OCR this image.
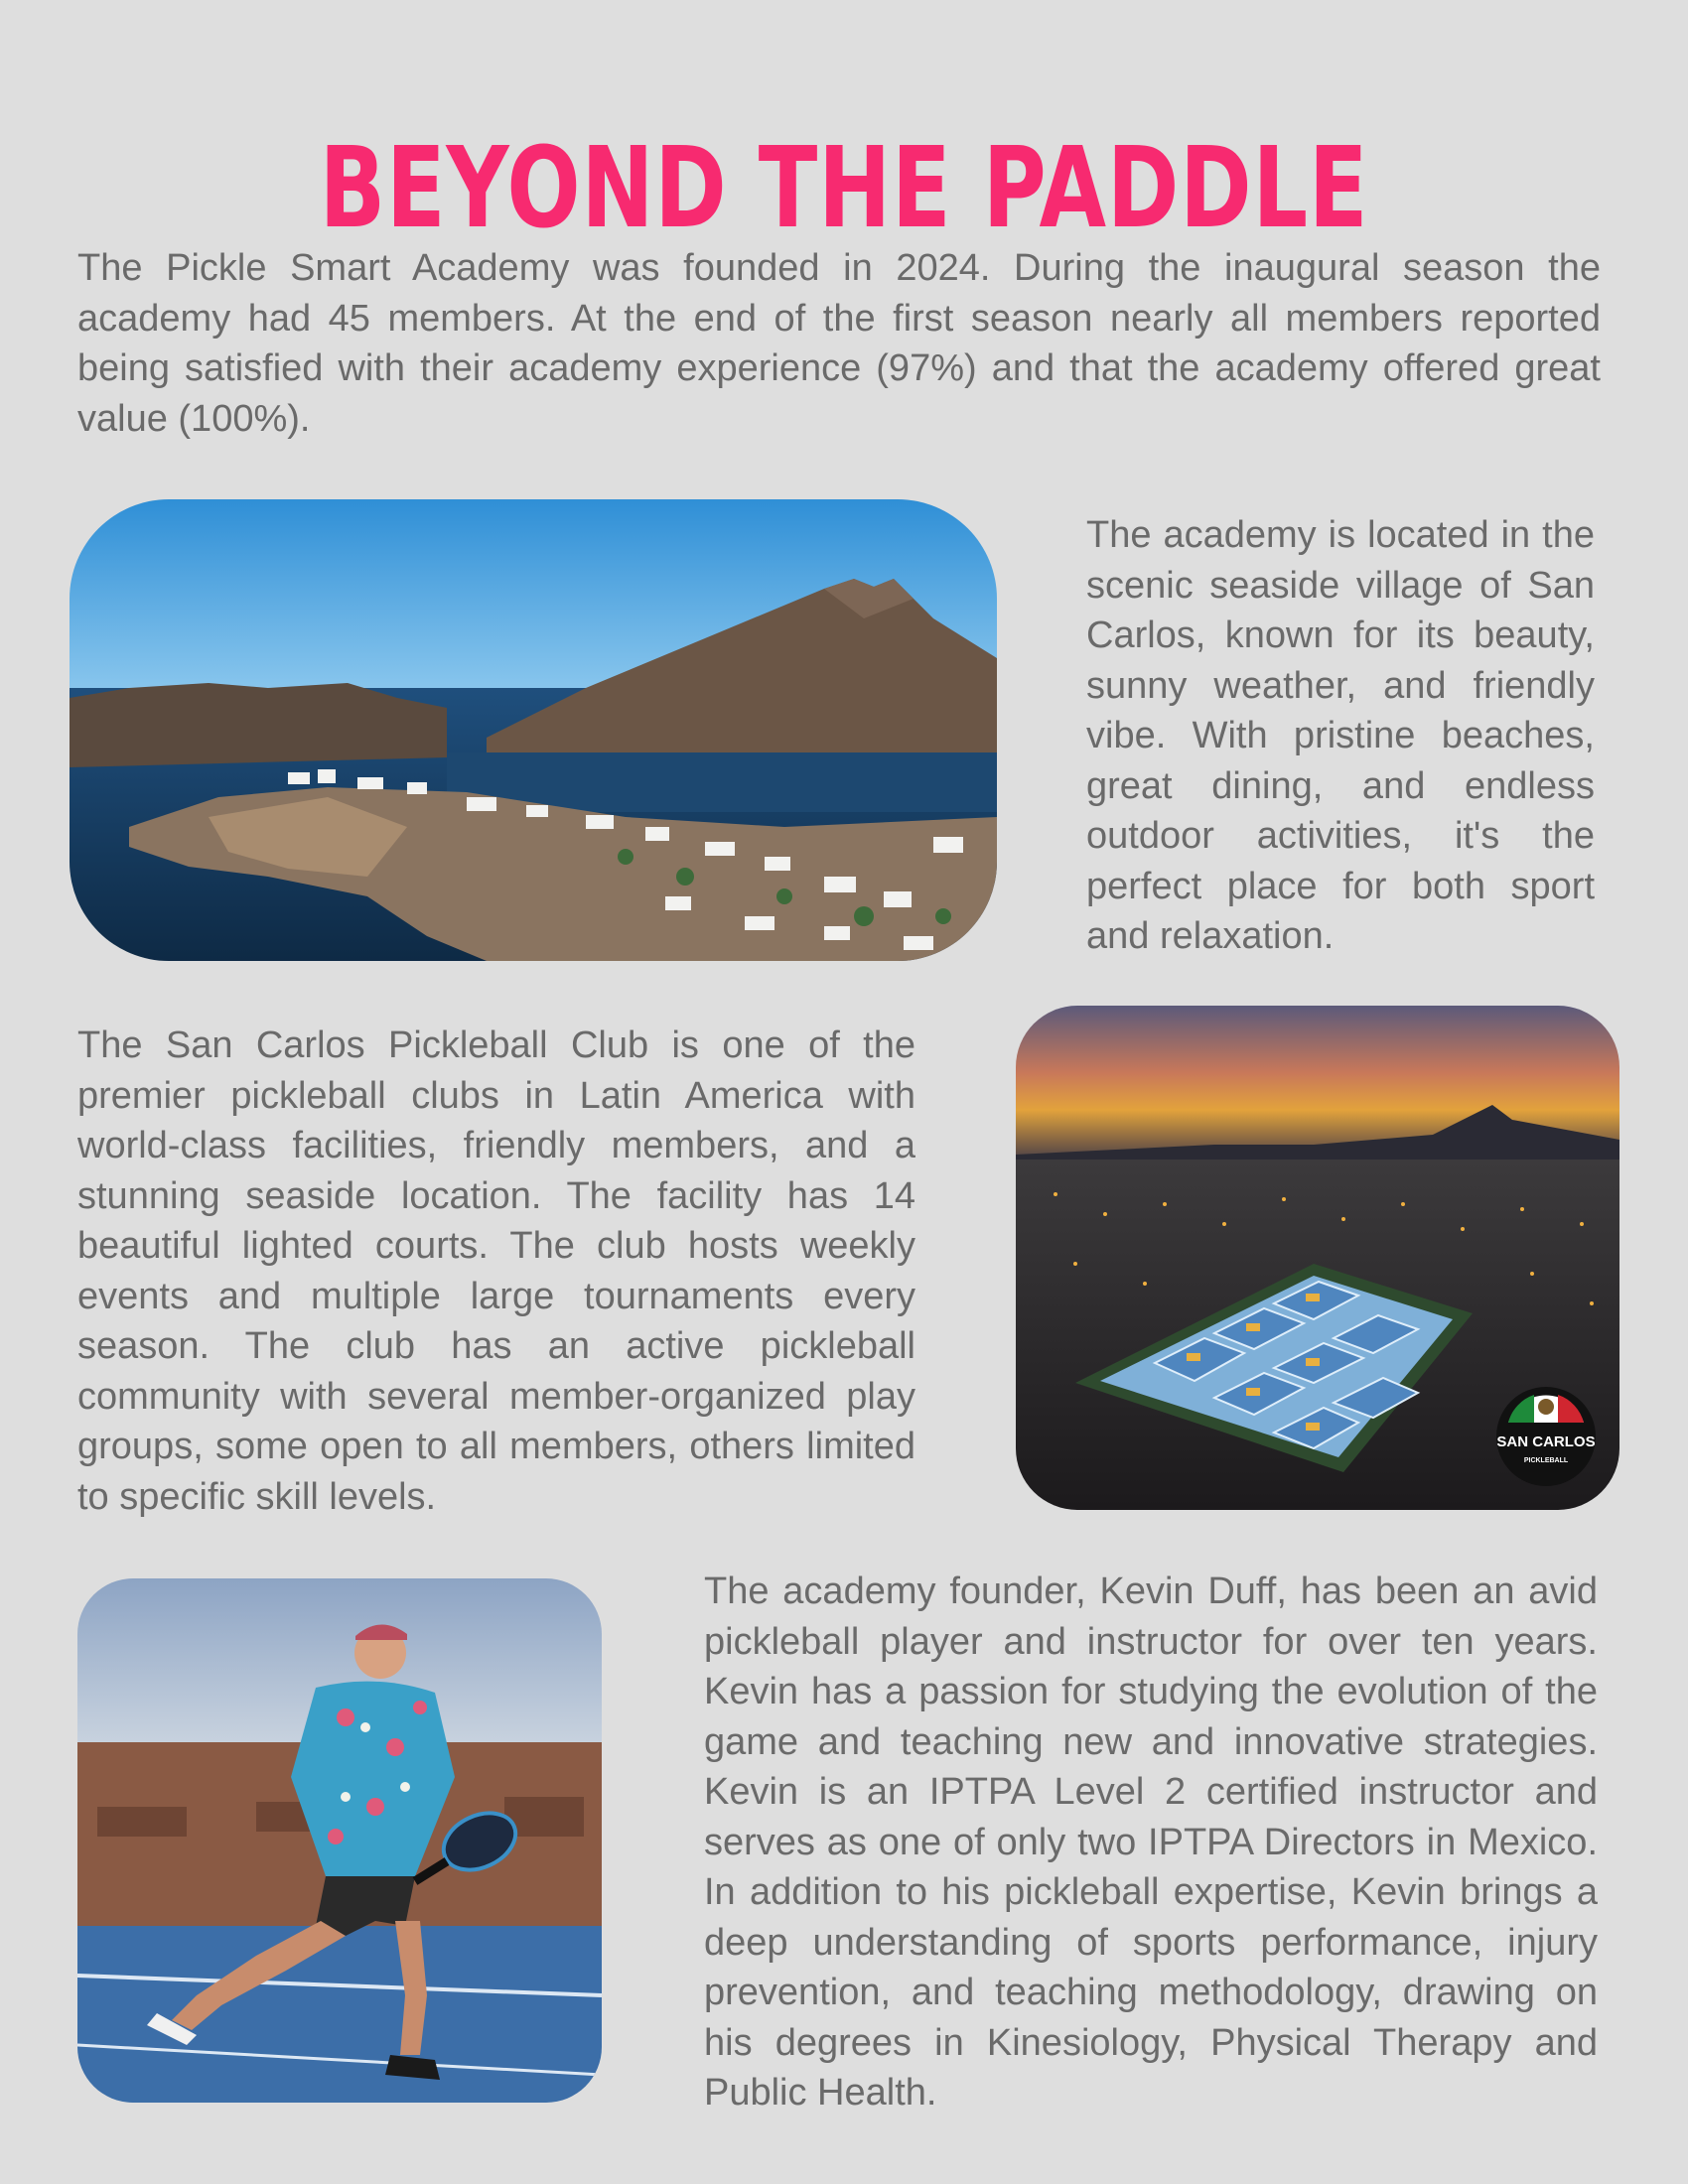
BEYOND THE PADDLE

The Pickle Smart Academy was founded in 2024. During the inaugural season the academy had 45 members. At the end of the first season nearly all members reported being satisfied with their academy experience (97%) and that the academy offered great value (100%).

The academy is located in the scenic seaside village of San Carlos, known for its beauty, sunny weather, and friendly vibe. With pristine beaches, great dining, and endless outdoor activities, it's the perfect place for both sport and relaxation.

The San Carlos Pickleball Club is one of the premier pickleball clubs in Latin America with world-class facilities, friendly members, and a stunning seaside location. The facility has 14 beautiful lighted courts. The club hosts weekly events and multiple large tournaments every season. The club has an active pickleball community with several member-organized play groups, some open to all members, others limited to specific skill levels.

SAN CARLOS
PICKLEBALL

The academy founder, Kevin Duff, has been an avid pickleball player and instructor for over ten years. Kevin has a passion for studying the evolution of the game and teaching new and innovative strategies. Kevin is an IPTPA Level 2 certified instructor and serves as one of only two IPTPA Directors in Mexico. In addition to his pickleball expertise, Kevin brings a deep understanding of sports performance, injury prevention, and teaching methodology, drawing on his degrees in Kinesiology, Physical Therapy and Public Health.
